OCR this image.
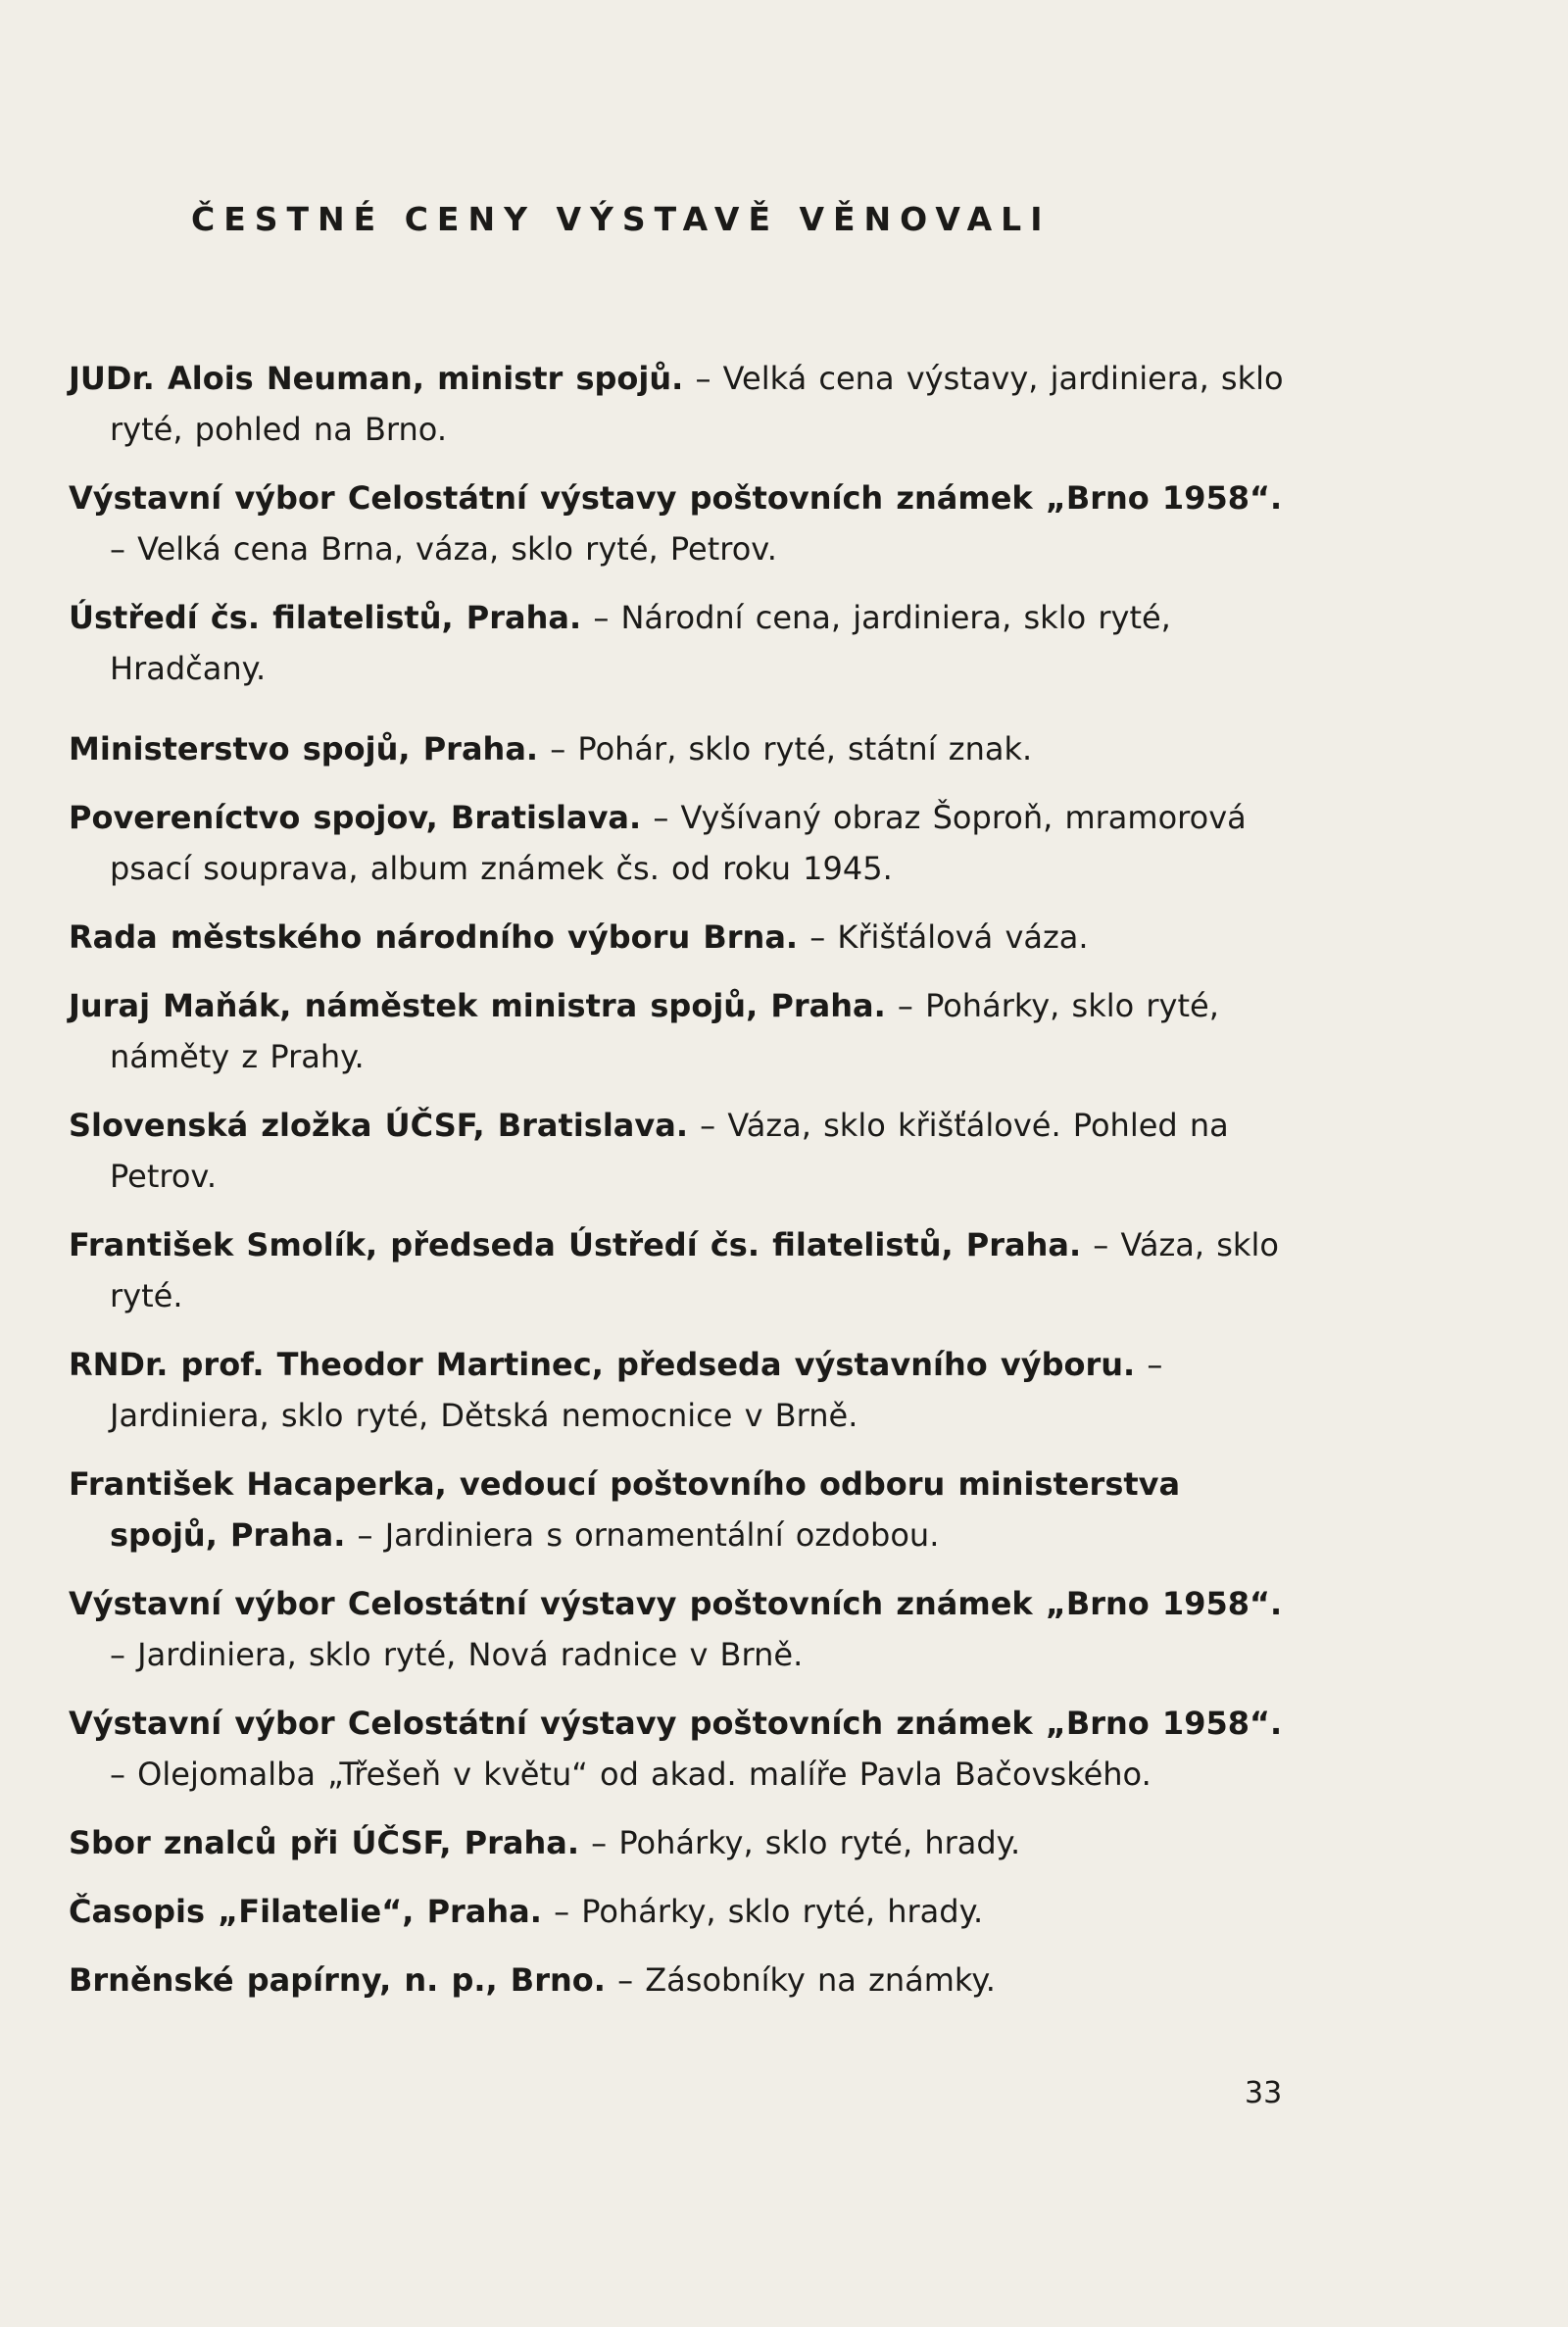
ČESTNÉ CENY VÝSTAVĚ VĚNOVALI

JUDr. Alois Neuman, ministr spojů. – Velká cena výstavy, jardiniera, sklo ryté, pohled na Brno.

Výstavní výbor Celostátní výstavy poštovních známek „Brno 1958“. – Velká cena Brna, váza, sklo ryté, Petrov.

Ústředí čs. filatelistů, Praha. – Národní cena, jardiniera, sklo ryté, Hradčany.

Ministerstvo spojů, Praha. – Pohár, sklo ryté, státní znak.

Povereníctvo spojov, Bratislava. – Vyšívaný obraz Šoproň, mramorová psací souprava, album známek čs. od roku 1945.

Rada městského národního výboru Brna. – Křišťálová váza.

Juraj Maňák, náměstek ministra spojů, Praha. – Pohárky, sklo ryté, náměty z Prahy.

Slovenská zložka ÚČSF, Bratislava. – Váza, sklo křišťálové. Pohled na Petrov.

František Smolík, předseda Ústředí čs. filatelistů, Praha. – Váza, sklo ryté.

RNDr. prof. Theodor Martinec, předseda výstavního výboru. – Jardiniera, sklo ryté, Dětská nemocnice v Brně.

František Hacaperka, vedoucí poštovního odboru ministerstva spojů, Praha. – Jardiniera s ornamentální ozdobou.

Výstavní výbor Celostátní výstavy poštovních známek „Brno 1958“. – Jardiniera, sklo ryté, Nová radnice v Brně.

Výstavní výbor Celostátní výstavy poštovních známek „Brno 1958“. – Olejomalba „Třešeň v květu“ od akad. malíře Pavla Bačovského.

Sbor znalců při ÚČSF, Praha. – Pohárky, sklo ryté, hrady.

Časopis „Filatelie“, Praha. – Pohárky, sklo ryté, hrady.

Brněnské papírny, n. p., Brno. – Zásobníky na známky.

33
